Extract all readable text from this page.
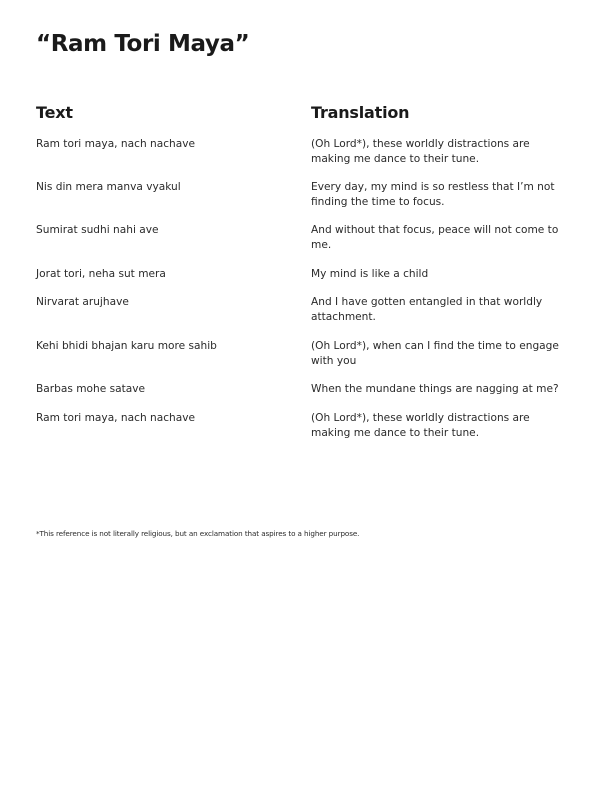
“Ram Tori Maya”
Text	Translation
Ram tori maya, nach nachave	(Oh Lord*), these worldly distractions are making me dance to their tune.
Nis din mera manva vyakul	Every day, my mind is so restless that I’m not finding the time to focus.
Sumirat sudhi nahi ave	And without that focus, peace will not come to me.
Jorat tori, neha sut mera	My mind is like a child
Nirvarat arujhave	And I have gotten entangled in that worldly attachment.
Kehi bhidi bhajan karu more sahib	(Oh Lord*), when can I find the time to engage with you
Barbas mohe satave	When the mundane things are nagging at me?
Ram tori maya, nach nachave	(Oh Lord*), these worldly distractions are making me dance to their tune.
*This reference is not literally religious, but an exclamation that aspires to a higher purpose.
